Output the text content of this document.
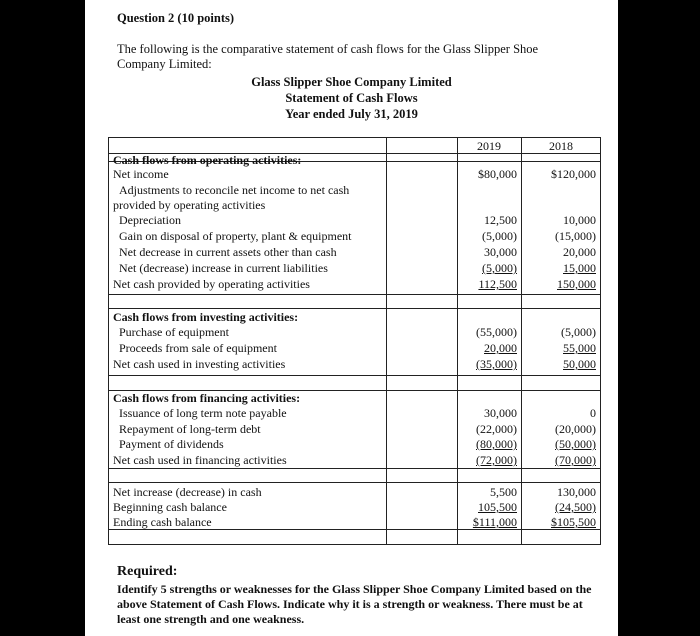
Question 2 (10 points)
The following is the comparative statement of cash flows for the Glass Slipper Shoe Company Limited:
Glass Slipper Shoe Company Limited
Statement of Cash Flows
Year ended July 31, 2019
2019	2018
Cash flows from operating activities:
Net income	$80,000	$120,000
Adjustments to reconcile net income to net cash
provided by operating activities
Depreciation	12,500	10,000
Gain on disposal of property, plant & equipment	(5,000)	(15,000)
Net decrease in current assets other than cash	30,000	20,000
Net (decrease) increase in current liabilities	(5,000)	15,000
Net cash provided by operating activities	112,500	150,000
Cash flows from investing activities:
Purchase of equipment	(55,000)	(5,000)
Proceeds from sale of equipment	20,000	55,000
Net cash used in investing activities	(35,000)	50,000
Cash flows from financing activities:
Issuance of long term note payable	30,000	0
Repayment of long-term debt	(22,000)	(20,000)
Payment of dividends	(80,000)	(50,000)
Net cash used in financing activities	(72,000)	(70,000)
Net increase (decrease) in cash	5,500	130,000
Beginning cash balance	105,500	(24,500)
Ending cash balance	$111,000	$105,500
Required:
Identify 5 strengths or weaknesses for the Glass Slipper Shoe Company Limited based on the above Statement of Cash Flows. Indicate why it is a strength or weakness. There must be at least one strength and one weakness.
